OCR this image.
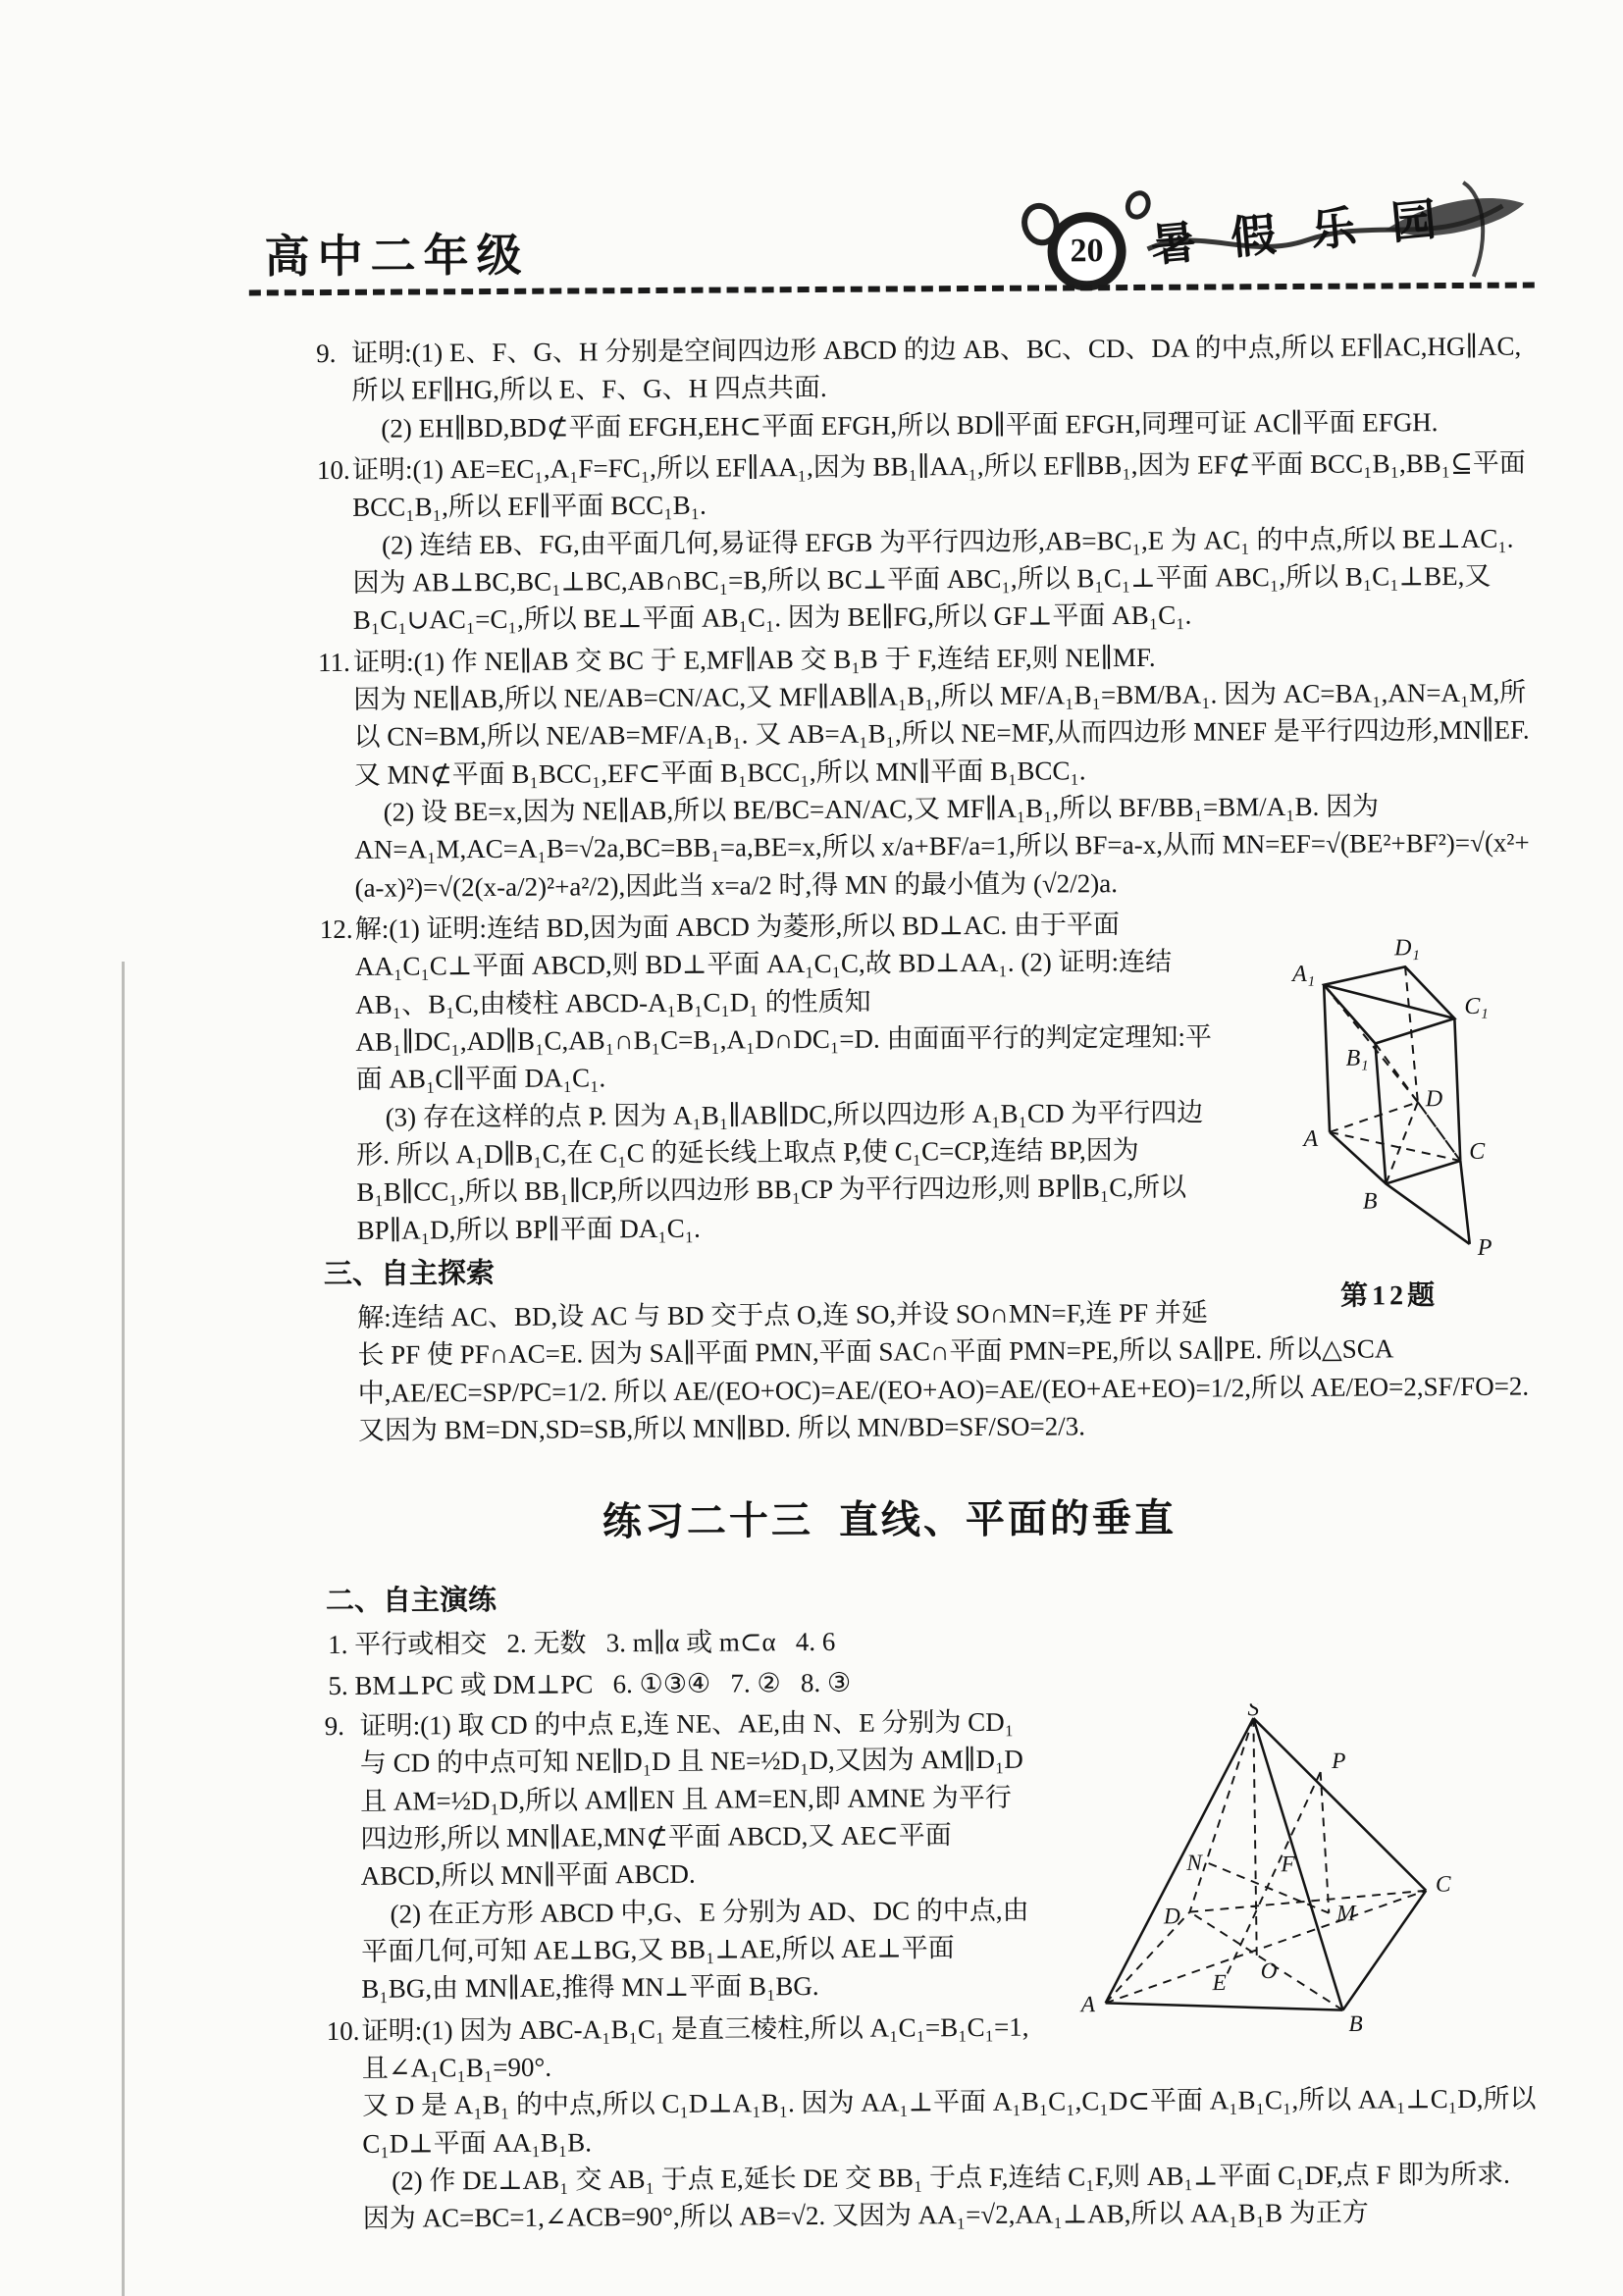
高中二年级	20 暑假乐园
9. 证明:(1) E、F、G、H 分别是空间四边形 ABCD 的边 AB、BC、CD、DA 的中点,所以 EF∥AC,HG∥AC,所以 EF∥HG,所以 E、F、G、H 四点共面.

(2) EH∥BD,BD⊄平面 EFGH,EH⊂平面 EFGH,所以 BD∥平面 EFGH,同理可证 AC∥平面 EFGH.

10. 证明:(1) AE=EC₁,A₁F=FC₁,所以 EF∥AA₁,因为 BB₁∥AA₁,所以 EF∥BB₁,因为 EF⊄平面 BCC₁B₁,BB₁⊆平面 BCC₁B₁,所以 EF∥平面 BCC₁B₁.

(2) 连结 EB、FG,由平面几何,易证得 EFGB 为平行四边形,AB=BC₁,E 为 AC₁ 的中点,所以 BE⊥AC₁. 因为 AB⊥BC,BC₁⊥BC,AB∩BC₁=B,所以 BC⊥平面 ABC₁,所以 B₁C₁⊥平面 ABC₁,所以 B₁C₁⊥BE,又 B₁C₁∪AC₁=C₁,所以 BE⊥平面 AB₁C₁. 因为 BE∥FG,所以 GF⊥平面 AB₁C₁.

11. 证明:(1) 作 NE∥AB 交 BC 于 E,MF∥AB 交 B₁B 于 F,连结 EF,则 NE∥MF.

因为 NE∥AB,所以 NE/AB=CN/AC,又 MF∥AB∥A₁B₁,所以 MF/A₁B₁=BM/BA₁. 因为 AC=BA₁,AN=A₁M,所以 CN=BM,所以 NE/AB=MF/A₁B₁. 又 AB=A₁B₁,所以 NE=MF,从而四边形 MNEF 是平行四边形,MN∥EF.

又 MN⊄平面 B₁BCC₁,EF⊂平面 B₁BCC₁,所以 MN∥平面 B₁BCC₁.

(2) 设 BE=x,因为 NE∥AB,所以 BE/BC=AN/AC,又 MF∥A₁B₁,所以 BF/BB₁=BM/A₁B. 因为 AN=A₁M,AC=A₁B=√2a,BC=BB₁=a,BE=x,所以 x/a+BF/a=1,所以 BF=a-x,从而 MN=EF=√(BE²+BF²)=√(x²+(a-x)²)=√(2(x-a/2)²+a²/2),因此当 x=a/2 时,得 MN 的最小值为 (√2/2)a.

12.
A₁
D₁
C₁
B₁
A
D
B
C
P
第12题

解:(1) 证明:连结 BD,因为面 ABCD 为菱形,所以 BD⊥AC. 由于平面 AA₁C₁C⊥平面 ABCD,则 BD⊥平面 AA₁C₁C,故 BD⊥AA₁. (2) 证明:连结 AB₁、B₁C,由棱柱 ABCD-A₁B₁C₁D₁ 的性质知 AB₁∥DC₁,AD∥B₁C,AB₁∩B₁C=B₁,A₁D∩DC₁=D. 由面面平行的判定定理知:平面 AB₁C∥平面 DA₁C₁.

(3) 存在这样的点 P. 因为 A₁B₁∥AB∥DC,所以四边形 A₁B₁CD 为平行四边形. 所以 A₁D∥B₁C,在 C₁C 的延长线上取点 P,使 C₁C=CP,连结 BP,因为 B₁B∥CC₁,所以 BB₁∥CP,所以四边形 BB₁CP 为平行四边形,则 BP∥B₁C,所以 BP∥A₁D,所以 BP∥平面 DA₁C₁.

三、自主探索

解:连结 AC、BD,设 AC 与 BD 交于点 O,连 SO,并设 SO∩MN=F,连 PF 并延长 PF 使 PF∩AC=E. 因为 SA∥平面 PMN,平面 SAC∩平面 PMN=PE,所以 SA∥PE. 所以△SCA 中,AE/EC=SP/PC=1/2. 所以 AE/(EO+OC)=AE/(EO+AO)=AE/(EO+AE+EO)=1/2,所以 AE/EO=2,SF/FO=2. 又因为 BM=DN,SD=SB,所以 MN∥BD. 所以 MN/BD=SF/SO=2/3.

练习二十三  直线、平面的垂直
二、自主演练

1. 平行或相交   2. 无数   3. m∥α 或 m⊂α   4. 6

5. BM⊥PC 或 DM⊥PC   6. ①③④   7. ②   8. ③

9.
S
P
N	F
C
D	M
O
E
A
B

证明:(1) 取 CD 的中点 E,连 NE、AE,由 N、E 分别为 CD₁ 与 CD 的中点可知 NE∥D₁D 且 NE=½D₁D,又因为 AM∥D₁D 且 AM=½D₁D,所以 AM∥EN 且 AM=EN,即 AMNE 为平行四边形,所以 MN∥AE,MN⊄平面 ABCD,又 AE⊂平面 ABCD,所以 MN∥平面 ABCD.

(2) 在正方形 ABCD 中,G、E 分别为 AD、DC 的中点,由平面几何,可知 AE⊥BG,又 BB₁⊥AE,所以 AE⊥平面 B₁BG,由 MN∥AE,推得 MN⊥平面 B₁BG.

10. 证明:(1) 因为 ABC-A₁B₁C₁ 是直三棱柱,所以 A₁C₁=B₁C₁=1,且∠A₁C₁B₁=90°.

又 D 是 A₁B₁ 的中点,所以 C₁D⊥A₁B₁. 因为 AA₁⊥平面 A₁B₁C₁,C₁D⊂平面 A₁B₁C₁,所以 AA₁⊥C₁D,所以 C₁D⊥平面 AA₁B₁B.

(2) 作 DE⊥AB₁ 交 AB₁ 于点 E,延长 DE 交 BB₁ 于点 F,连结 C₁F,则 AB₁⊥平面 C₁DF,点 F 即为所求. 因为 AC=BC=1,∠ACB=90°,所以 AB=√2. 又因为 AA₁=√2,AA₁⊥AB,所以 AA₁B₁B 为正方
